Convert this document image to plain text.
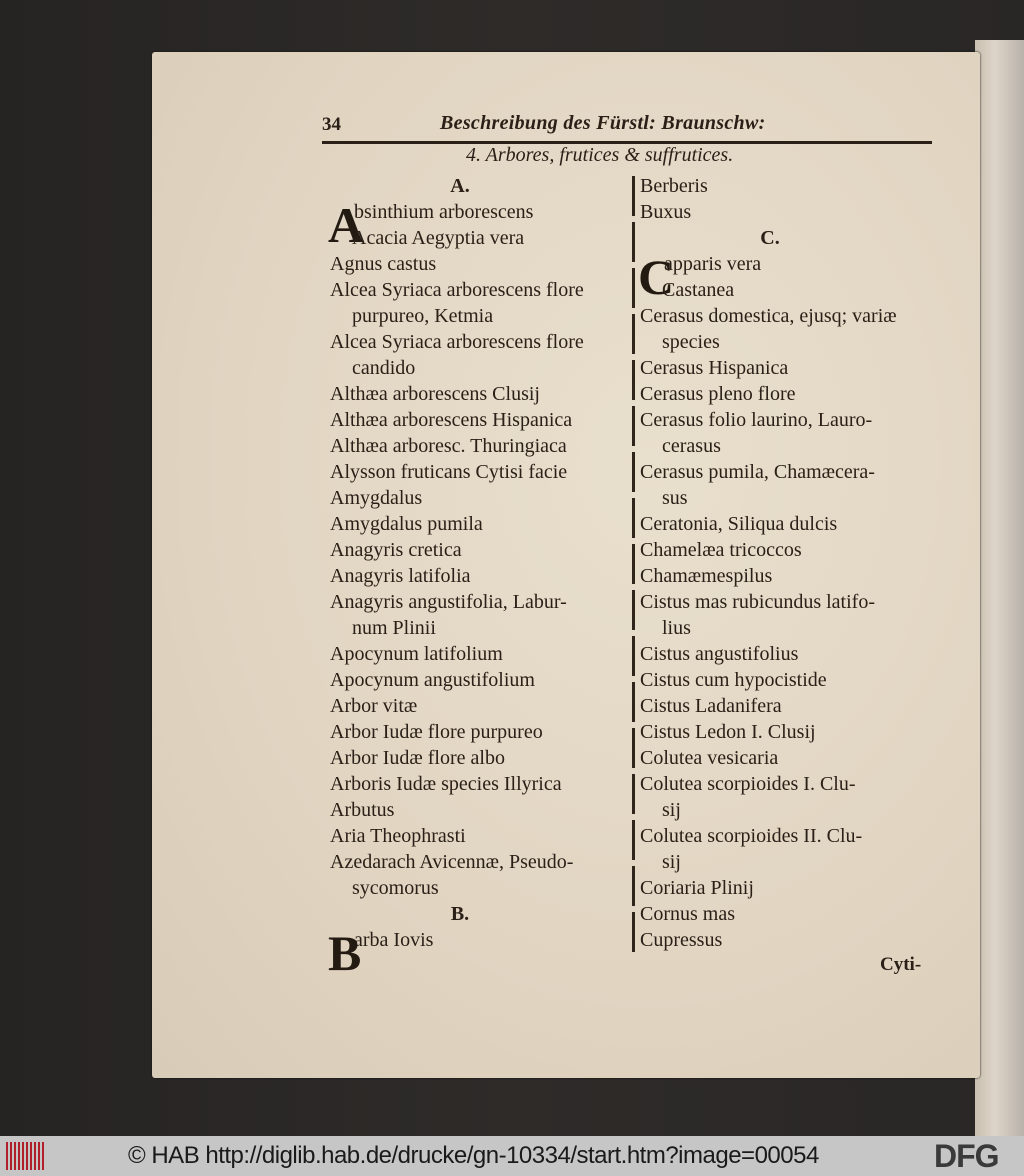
34	Beschreibung des Fürstl: Braunschw:
4. Arbores, frutices & suffrutices.
A.
A
bsinthium arborescens
Acacia Aegyptia vera
Agnus castus
Alcea Syriaca arborescens flore
purpureo, Ketmia
Alcea Syriaca arborescens flore
candido
Althæa arborescens Clusij
Althæa arborescens Hispanica
Althæa arboresc. Thuringiaca
Alysson fruticans Cytisi facie
Amygdalus
Amygdalus pumila
Anagyris cretica
Anagyris latifolia
Anagyris angustifolia, Labur-
num Plinii
Apocynum latifolium
Apocynum angustifolium
Arbor vitæ
Arbor Iudæ flore purpureo
Arbor Iudæ flore albo
Arboris Iudæ species Illyrica
Arbutus
Aria Theophrasti
Azedarach Avicennæ, Pseudo-
sycomorus
B.
B
arba Iovis
Berberis
Buxus
C.
C
apparis vera
Castanea
Cerasus domestica, ejusq; variæ
species
Cerasus Hispanica
Cerasus pleno flore
Cerasus folio laurino, Lauro-
cerasus
Cerasus pumila, Chamæcera-
sus
Ceratonia, Siliqua dulcis
Chamelæa tricoccos
Chamæmespilus
Cistus mas rubicundus latifo-
lius
Cistus angustifolius
Cistus cum hypocistide
Cistus Ladanifera
Cistus Ledon I. Clusij
Colutea vesicaria
Colutea scorpioides I. Clu-
sij
Colutea scorpioides II. Clu-
sij
Coriaria Plinij
Cornus mas
Cupressus
Cyti-
© HAB http://diglib.hab.de/drucke/gn-10334/start.htm?image=00054	DFG
